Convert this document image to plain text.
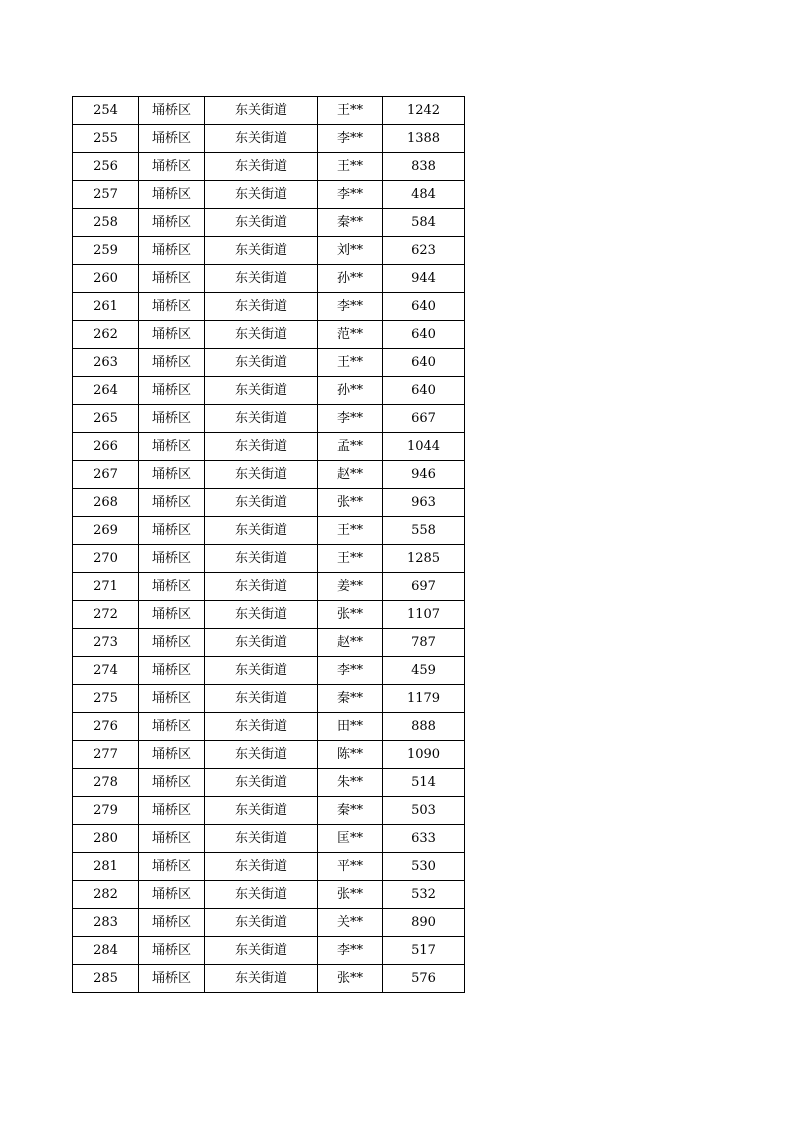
254	埇桥区	东关街道	王**	1242
255	埇桥区	东关街道	李**	1388
256	埇桥区	东关街道	王**	838
257	埇桥区	东关街道	李**	484
258	埇桥区	东关街道	秦**	584
259	埇桥区	东关街道	刘**	623
260	埇桥区	东关街道	孙**	944
261	埇桥区	东关街道	李**	640
262	埇桥区	东关街道	范**	640
263	埇桥区	东关街道	王**	640
264	埇桥区	东关街道	孙**	640
265	埇桥区	东关街道	李**	667
266	埇桥区	东关街道	孟**	1044
267	埇桥区	东关街道	赵**	946
268	埇桥区	东关街道	张**	963
269	埇桥区	东关街道	王**	558
270	埇桥区	东关街道	王**	1285
271	埇桥区	东关街道	姜**	697
272	埇桥区	东关街道	张**	1107
273	埇桥区	东关街道	赵**	787
274	埇桥区	东关街道	李**	459
275	埇桥区	东关街道	秦**	1179
276	埇桥区	东关街道	田**	888
277	埇桥区	东关街道	陈**	1090
278	埇桥区	东关街道	朱**	514
279	埇桥区	东关街道	秦**	503
280	埇桥区	东关街道	匡**	633
281	埇桥区	东关街道	平**	530
282	埇桥区	东关街道	张**	532
283	埇桥区	东关街道	关**	890
284	埇桥区	东关街道	李**	517
285	埇桥区	东关街道	张**	576
